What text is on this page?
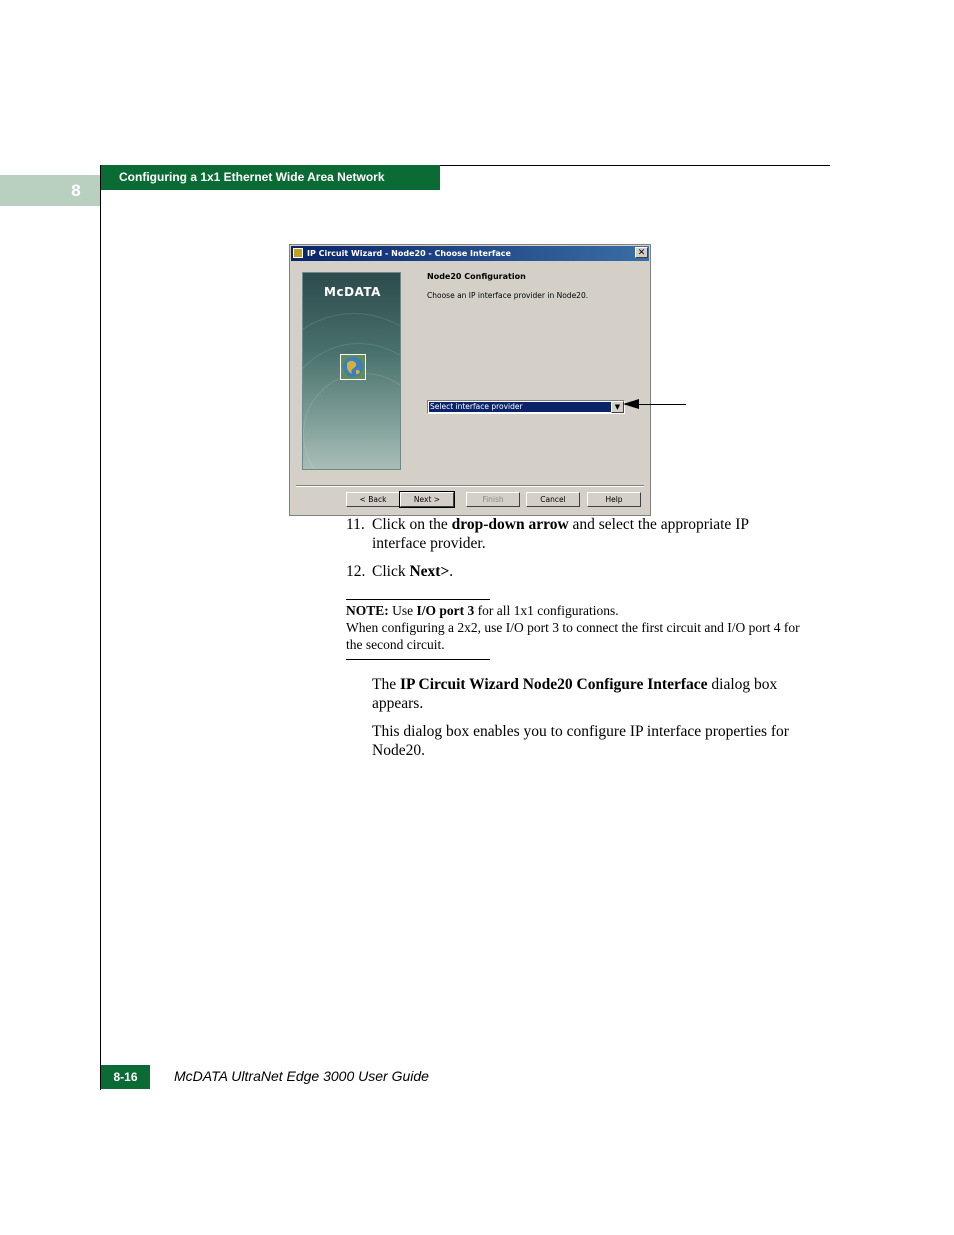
8
Configuring a 1x1 Ethernet Wide Area Network
IP Circuit Wizard - Node20 - Choose Interface	✕
McDATA
Node20 Configuration
Choose an IP interface provider in Node20.
Select interface provider	▼
< Back	Next >	Finish	Cancel	Help
11. Click on the drop-down arrow and select the appropriate IP interface provider.
12. Click Next>.
NOTE: Use I/O port 3 for all 1x1 configurations.
When configuring a 2x2, use I/O port 3 to connect the first circuit and I/O port 4 for the second circuit.
The IP Circuit Wizard Node20 Configure Interface dialog box appears.
This dialog box enables you to configure IP interface properties for Node20.
8-16	McDATA UltraNet Edge 3000 User Guide
